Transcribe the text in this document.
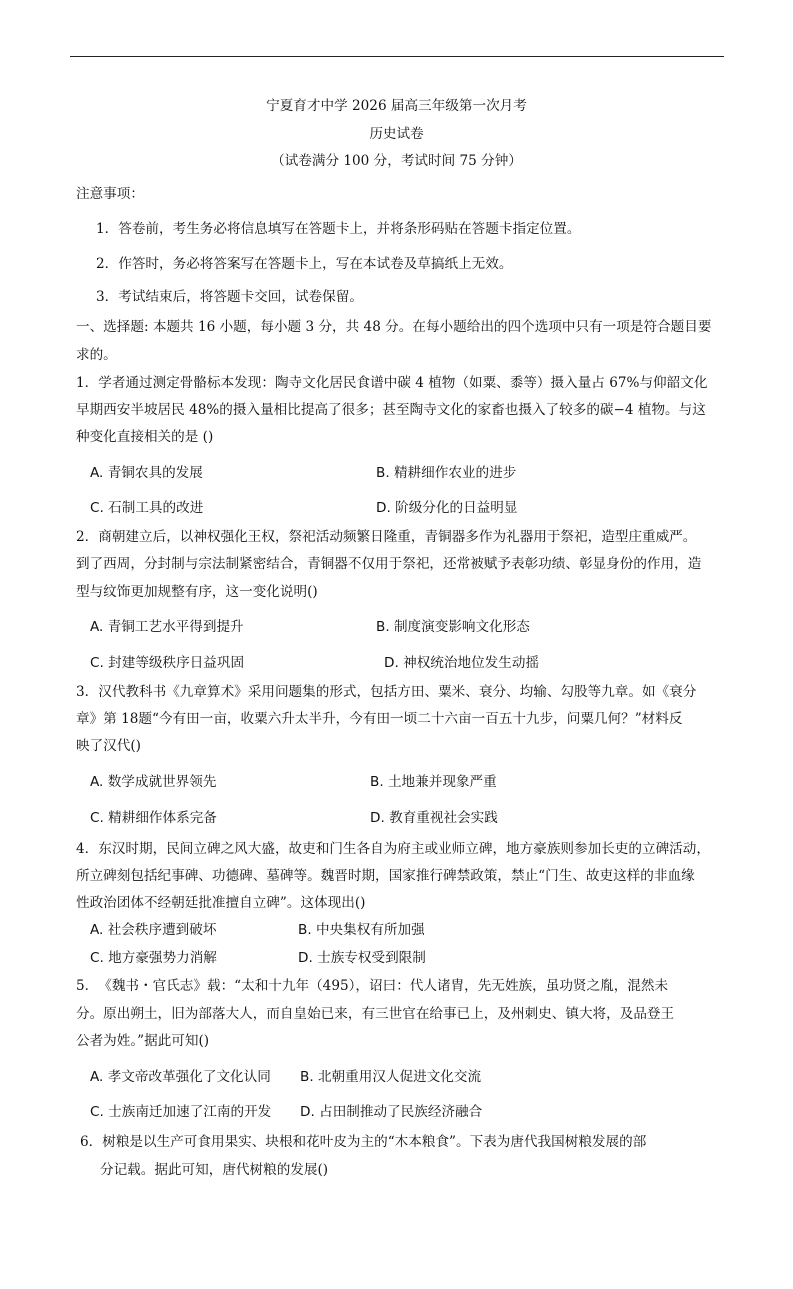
宁夏育才中学 2026 届高三年级第一次月考
历史试卷
（试卷满分 100 分，考试时间 75 分钟）
注意事项：
1．答卷前，考生务必将信息填写在答题卡上，并将条形码贴在答题卡指定位置。
2．作答时，务必将答案写在答题卡上，写在本试卷及草搞纸上无效。
3．考试结束后，将答题卡交回，试卷保留。
一、选择题: 本题共 16 小题，每小题 3 分，共 48 分。在每小题给出的四个选项中只有一项是符合题目要
求的。
1．学者通过测定骨骼标本发现：陶寺文化居民食谱中碳 4 植物（如粟、黍等）摄入量占 67%与仰韶文化
早期西安半坡居民 48%的摄入量相比提高了很多；甚至陶寺文化的家畜也摄入了较多的碳−4 植物。与这
种变化直接相关的是 ()
A. 青铜农具的发展	B. 精耕细作农业的进步
C. 石制工具的改进	D. 阶级分化的日益明显
2．商朝建立后，以神权强化王权，祭祀活动频繁日隆重，青铜器多作为礼器用于祭祀，造型庄重威严。
到了西周，分封制与宗法制紧密结合，青铜器不仅用于祭祀，还常被赋予表彰功绩、彰显身份的作用，造
型与纹饰更加规整有序，这一变化说明()
A. 青铜工艺水平得到提升	B. 制度演变影响文化形态
C. 封建等级秩序日益巩固	D. 神权统治地位发生动摇
3．汉代教科书《九章算术》采用问题集的形式，包括方田、粟米、衰分、均输、勾股等九章。如《衰分
章》第 18题“今有田一亩，收粟六升太半升，今有田一顷二十六亩一百五十九步，问粟几何？”材料反
映了汉代()
A. 数学成就世界领先	B. 土地兼并现象严重
C. 精耕细作体系完备	D. 教育重视社会实践
4．东汉时期，民间立碑之风大盛，故吏和门生各自为府主或业师立碑，地方豪族则参加长吏的立碑活动，
所立碑刻包括纪事碑、功德碑、墓碑等。魏晋时期，国家推行碑禁政策，禁止“门生、故吏这样的非血缘
性政治团体不经朝廷批准擅自立碑”。这体现出()
A. 社会秩序遭到破坏	B. 中央集权有所加强
C. 地方豪强势力消解	D. 士族专权受到限制
5．　《魏书・官氏志》载：“太和十九年（495），诏曰：代人诸胄，先无姓族，虽功贤之胤，混然未
分。原出朔土，旧为部落大人，而自皇始已来，有三世官在给事已上，及州刺史、镇大将，及品登王
公者为姓。”据此可知()
A. 孝文帝改革强化了文化认同 B. 北朝重用汉人促进文化交流
C. 士族南迁加速了江南的开发 D. 占田制推动了民族经济融合
6．树粮是以生产可食用果实、块根和花叶皮为主的“木本粮食”。下表为唐代我国树粮发展的部
分记载。据此可知，唐代树粮的发展()
